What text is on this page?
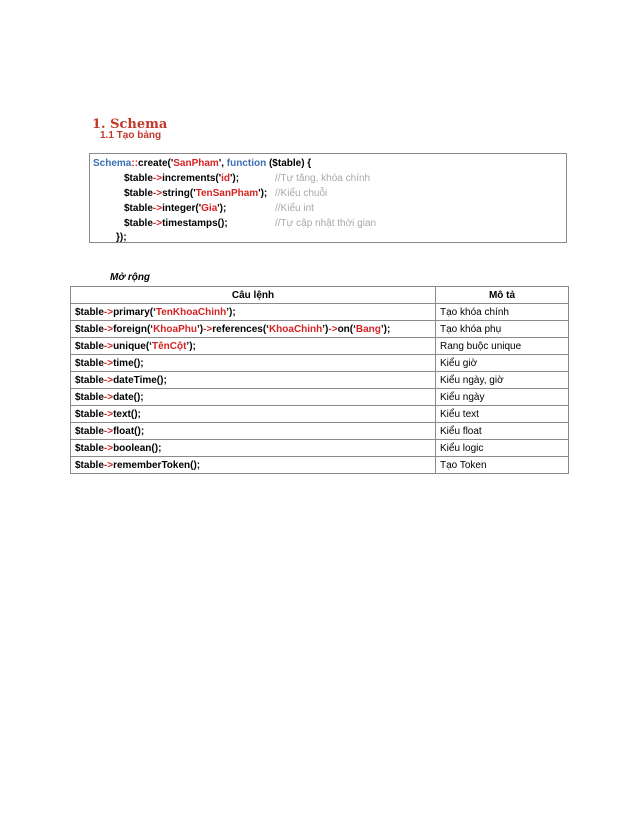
1. Schema
1.1 Tạo bảng
Schema::create('SanPham', function ($table) {
$table->increments('id');	//Tự tăng, khóa chính
$table->string('TenSanPham'); //Kiểu chuỗi
$table->integer('Gia');	//Kiểu int
$table->timestamps();	//Tự cập nhật thời gian
});
Mở rộng
Câu lệnh	Mô tả
$table->primary(‘TenKhoaChinh’);	Tạo khóa chính
$table->foreign(‘KhoaPhu’)->references(‘KhoaChinh’)->on(‘Bang’);	Tạo khóa phụ
$table->unique(‘TênCột’);	Rang buộc unique
$table->time();	Kiểu giờ
$table->dateTime();	Kiểu ngày, giờ
$table->date();	Kiểu ngày
$table->text();	Kiểu text
$table->float();	Kiểu float
$table->boolean();	Kiểu logic
$table->rememberToken();	Tạo Token
